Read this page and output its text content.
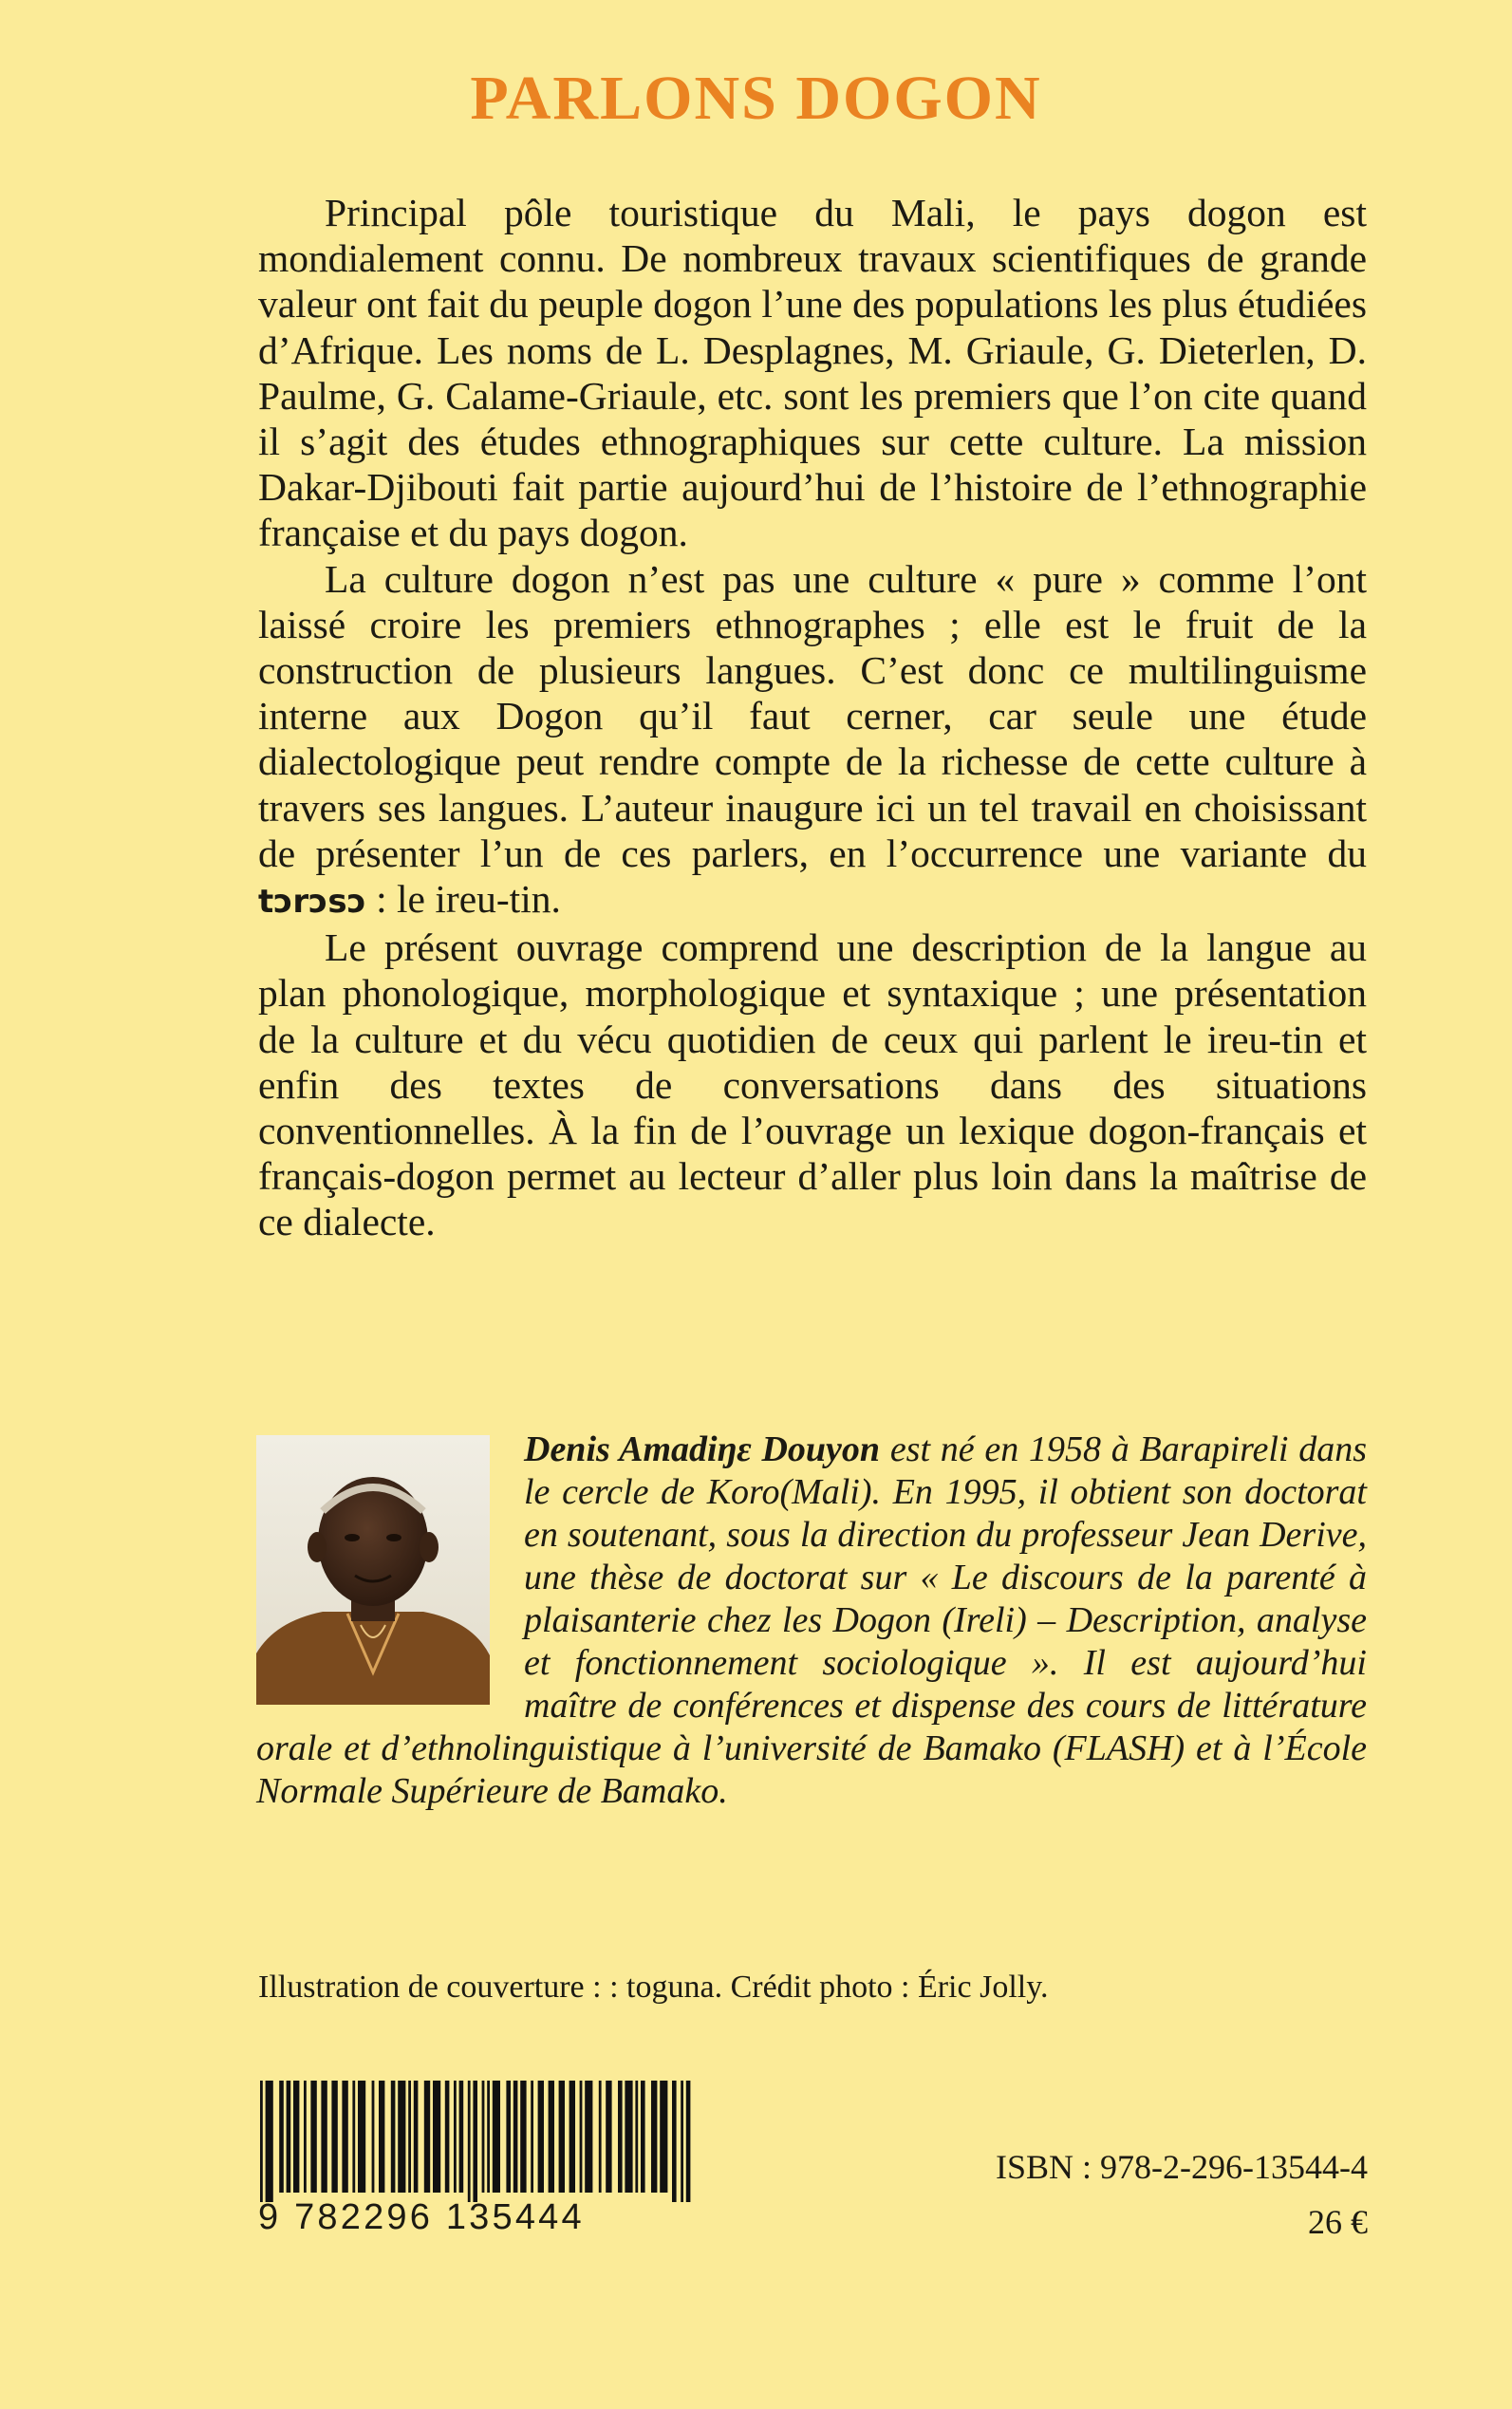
PARLONS DOGON

Principal pôle touristique du Mali, le pays dogon est mondialement connu. De nombreux travaux scientifiques de grande valeur ont fait du peuple dogon l’une des populations les plus étudiées d’Afrique. Les noms de L. Desplagnes, M. Griaule, G. Dieterlen, D. Paulme, G. Calame-Griaule, etc. sont les premiers que l’on cite quand il s’agit des études ethnographiques sur cette culture. La mission Dakar-Djibouti fait partie aujourd’hui de l’histoire de l’ethnographie française et du pays dogon.

La culture dogon n’est pas une culture « pure » comme l’ont laissé croire les premiers ethnographes ; elle est le fruit de la construction de plusieurs langues. C’est donc ce multilinguisme interne aux Dogon qu’il faut cerner, car seule une étude dialectologique peut rendre compte de la richesse de cette culture à travers ses langues. L’auteur inaugure ici un tel travail en choisissant de présenter l’un de ces parlers, en l’occurrence une variante du tɔrɔsɔ : le ireu-tin.

Le présent ouvrage comprend une description de la langue au plan phonologique, morphologique et syntaxique ; une présentation de la culture et du vécu quotidien de ceux qui parlent le ireu-tin et enfin des textes de conversations dans des situations conventionnelles. À la fin de l’ouvrage un lexique dogon-français et français-dogon permet au lecteur d’aller plus loin dans la maîtrise de ce dialecte.

Denis Amadiŋɛ Douyon est né en 1958 à Barapireli dans le cercle de Koro(Mali). En 1995, il obtient son doctorat en soutenant, sous la direction du professeur Jean Derive, une thèse de doctorat sur « Le discours de la parenté à plaisanterie chez les Dogon (Ireli) – Description, analyse et fonctionnement sociologique ». Il est aujourd’hui maître de conférences et dispense des cours de littérature orale et d’ethnolinguistique à l’université de Bamako (FLASH) et à l’École Normale Supérieure de Bamako.

Illustration de couverture : : toguna. Crédit photo : Éric Jolly.

9 782296 135444

ISBN : 978-2-296-13544-4

26 €
